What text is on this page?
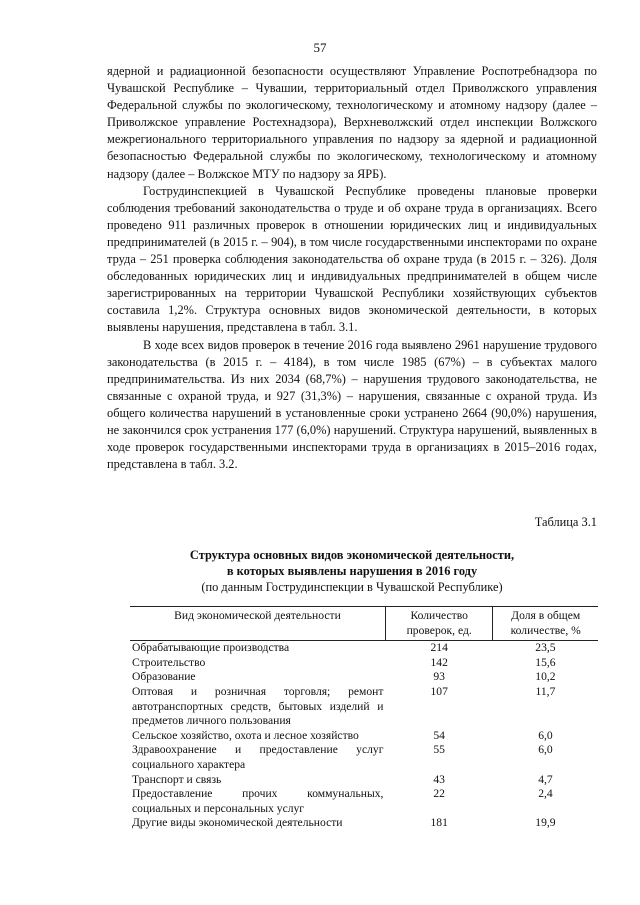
57

ядерной и радиационной безопасности осуществляют Управление Роспотребнадзора по Чувашской Республике – Чувашии, территориальный отдел Приволжского управления Федеральной службы по экологическому, технологическому и атомному надзору (далее – Приволжское управление Ростехнадзора), Верхневолжский отдел инспекции Волжского межрегионального территориального управления по надзору за ядерной и радиационной безопасностью Федеральной службы по экологическому, технологическому и атомному надзору (далее – Волжское МТУ по надзору за ЯРБ).

Гострудинспекцией в Чувашской Республике проведены плановые проверки соблюдения требований законодательства о труде и об охране труда в организациях. Всего проведено 911 различных проверок в отношении юридических лиц и индивидуальных предпринимателей (в 2015 г. – 904), в том числе государственными инспекторами по охране труда – 251 проверка соблюдения законодательства об охране труда (в 2015 г. – 326). Доля обследованных юридических лиц и индивидуальных предпринимателей в общем числе зарегистрированных на территории Чувашской Республики хозяйствующих субъектов составила 1,2%. Структура основных видов экономической деятельности, в которых выявлены нарушения, представлена в табл. 3.1.

В ходе всех видов проверок в течение 2016 года выявлено 2961 нарушение трудового законодательства (в 2015 г. – 4184), в том числе 1985 (67%) – в субъектах малого предпринимательства. Из них 2034 (68,7%) – нарушения трудового законодательства, не связанные с охраной труда, и 927 (31,3%) – нарушения, связанные с охраной труда. Из общего количества нарушений в установленные сроки устранено 2664 (90,0%) нарушения, не закончился срок устранения 177 (6,0%) нарушений. Структура нарушений, выявленных в ходе проверок государственными инспекторами труда в организациях в 2015–2016 годах, представлена в табл. 3.2.

Таблица 3.1
Структура основных видов экономической деятельности,
в которых выявлены нарушения в 2016 году
(по данным Гострудинспекции в Чувашской Республике)
Вид экономической деятельности	Количество проверок, ед.	Доля в общем количестве, %
Обрабатывающие производства	214	23,5
Строительство	142	15,6
Образование	93	10,2
Оптовая и розничная торговля; ремонт автотранспортных средств, бытовых изделий и предметов личного пользования	107	11,7
Сельское хозяйство, охота и лесное хозяйство	54	6,0
Здравоохранение и предоставление услуг социального характера	55	6,0
Транспорт и связь	43	4,7
Предоставление прочих коммунальных, социальных и персональных услуг	22	2,4
Другие виды экономической деятельности	181	19,9
